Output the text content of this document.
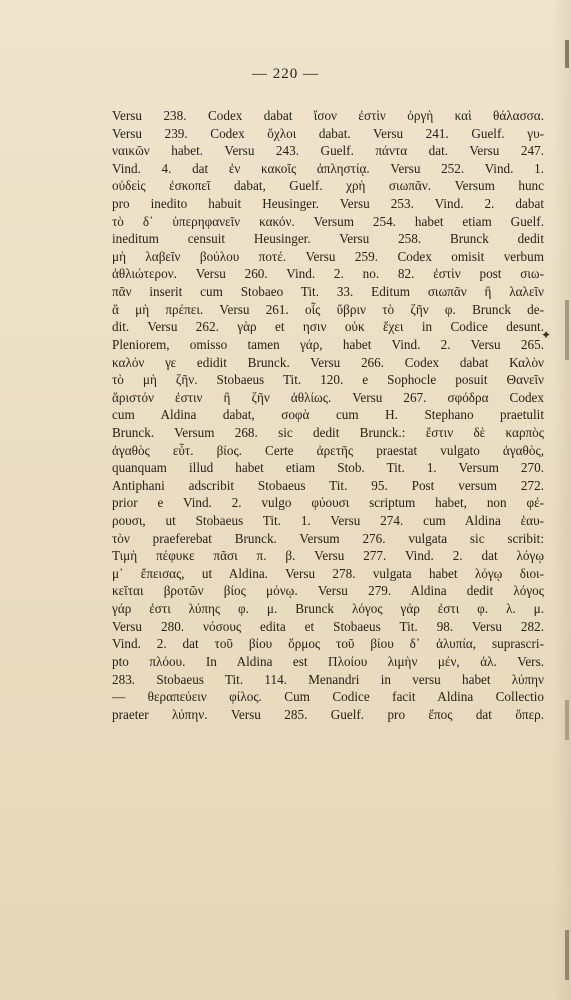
— 220 —
Versu 238. Codex dabat ἴσον ἐστὶν ὀργὴ καὶ θάλασσα.
Versu 239. Codex ὄχλοι dabat. Versu 241. Guelf. γυ-
ναικῶν habet. Versu 243. Guelf. πάντα dat. Versu 247.
Vind. 4. dat ἐν κακοῖς ἀπληστίᾳ. Versu 252. Vind. 1.
οὐδεὶς ἐσκοπεῖ dabat, Guelf. χρὴ σιωπᾶν. Versum hunc
pro inedito habuit Heusinger. Versu 253. Vind. 2. dabat
τὸ δ᾽ ὑπερηφανεῖν κακόν. Versum 254. habet etiam Guelf.
ineditum censuit Heusinger. Versu 258. Brunck dedit
μὴ λαβεῖν βούλου ποτέ. Versu 259. Codex omisit verbum
ἀθλιώτερον. Versu 260. Vind. 2. no. 82. ἐστὶν post σιω-
πᾶν inserit cum Stobaeo Tit. 33. Editum σιωπᾶν ἢ λαλεῖν
ἃ μὴ πρέπει. Versu 261. οἷς ὕβριν τὸ ζῆν φ. Brunck de-
dit. Versu 262. γὰρ et ησιν οὐκ ἔχει in Codice desunt.
Pleniorem, omisso tamen γάρ, habet Vind. 2. Versu 265.
καλόν γε edidit Brunck. Versu 266. Codex dabat Καλὸν
τὸ μὴ ζῆν. Stobaeus Tit. 120. e Sophocle posuit Θανεῖν
ἄριστόν ἐστιν ἢ ζῆν ἀθλίως. Versu 267. σφόδρα Codex
cum Aldina dabat, σοφὰ cum H. Stephano praetulit
Brunck. Versum 268. sic dedit Brunck.: ἔστιν δὲ καρπὸς
ἀγαθὸς εὖτ. βίος. Certe ἀρετῆς praestat vulgato ἀγαθὸς,
quanquam illud habet etiam Stob. Tit. 1. Versum 270.
Antiphani adscribit Stobaeus Tit. 95. Post versum 272.
prior e Vind. 2. vulgo φύουσι scriptum habet, non φέ-
ρουσι, ut Stobaeus Tit. 1. Versu 274. cum Aldina ἑαυ-
τὸν praeferebat Brunck. Versum 276. vulgata sic scribit:
Τιμὴ πέφυκε πᾶσι π. β. Versu 277. Vind. 2. dat λόγῳ
μ᾽ ἔπεισας, ut Aldina. Versu 278. vulgata habet λόγῳ διοι-
κεῖται βροτῶν βίος μόνῳ. Versu 279. Aldina dedit λόγος
γάρ ἐστι λύπης φ. μ. Brunck λόγος γάρ ἐστι φ. λ. μ.
Versu 280. νόσους edita et Stobaeus Tit. 98. Versu 282.
Vind. 2. dat τοῦ βίου ὅρμος τοῦ βίου δ᾽ ἀλυπία, suprascri-
pto πλόου. In Aldina est Πλοίου λιμὴν μέν, ἀλ. Vers.
283. Stobaeus Tit. 114. Menandri in versu habet λύπην
— θεραπεύειν φίλος. Cum Codice facit Aldina Collectio
praeter λύπην. Versu 285. Guelf. pro ἔπος dat ὅπερ.
✦
